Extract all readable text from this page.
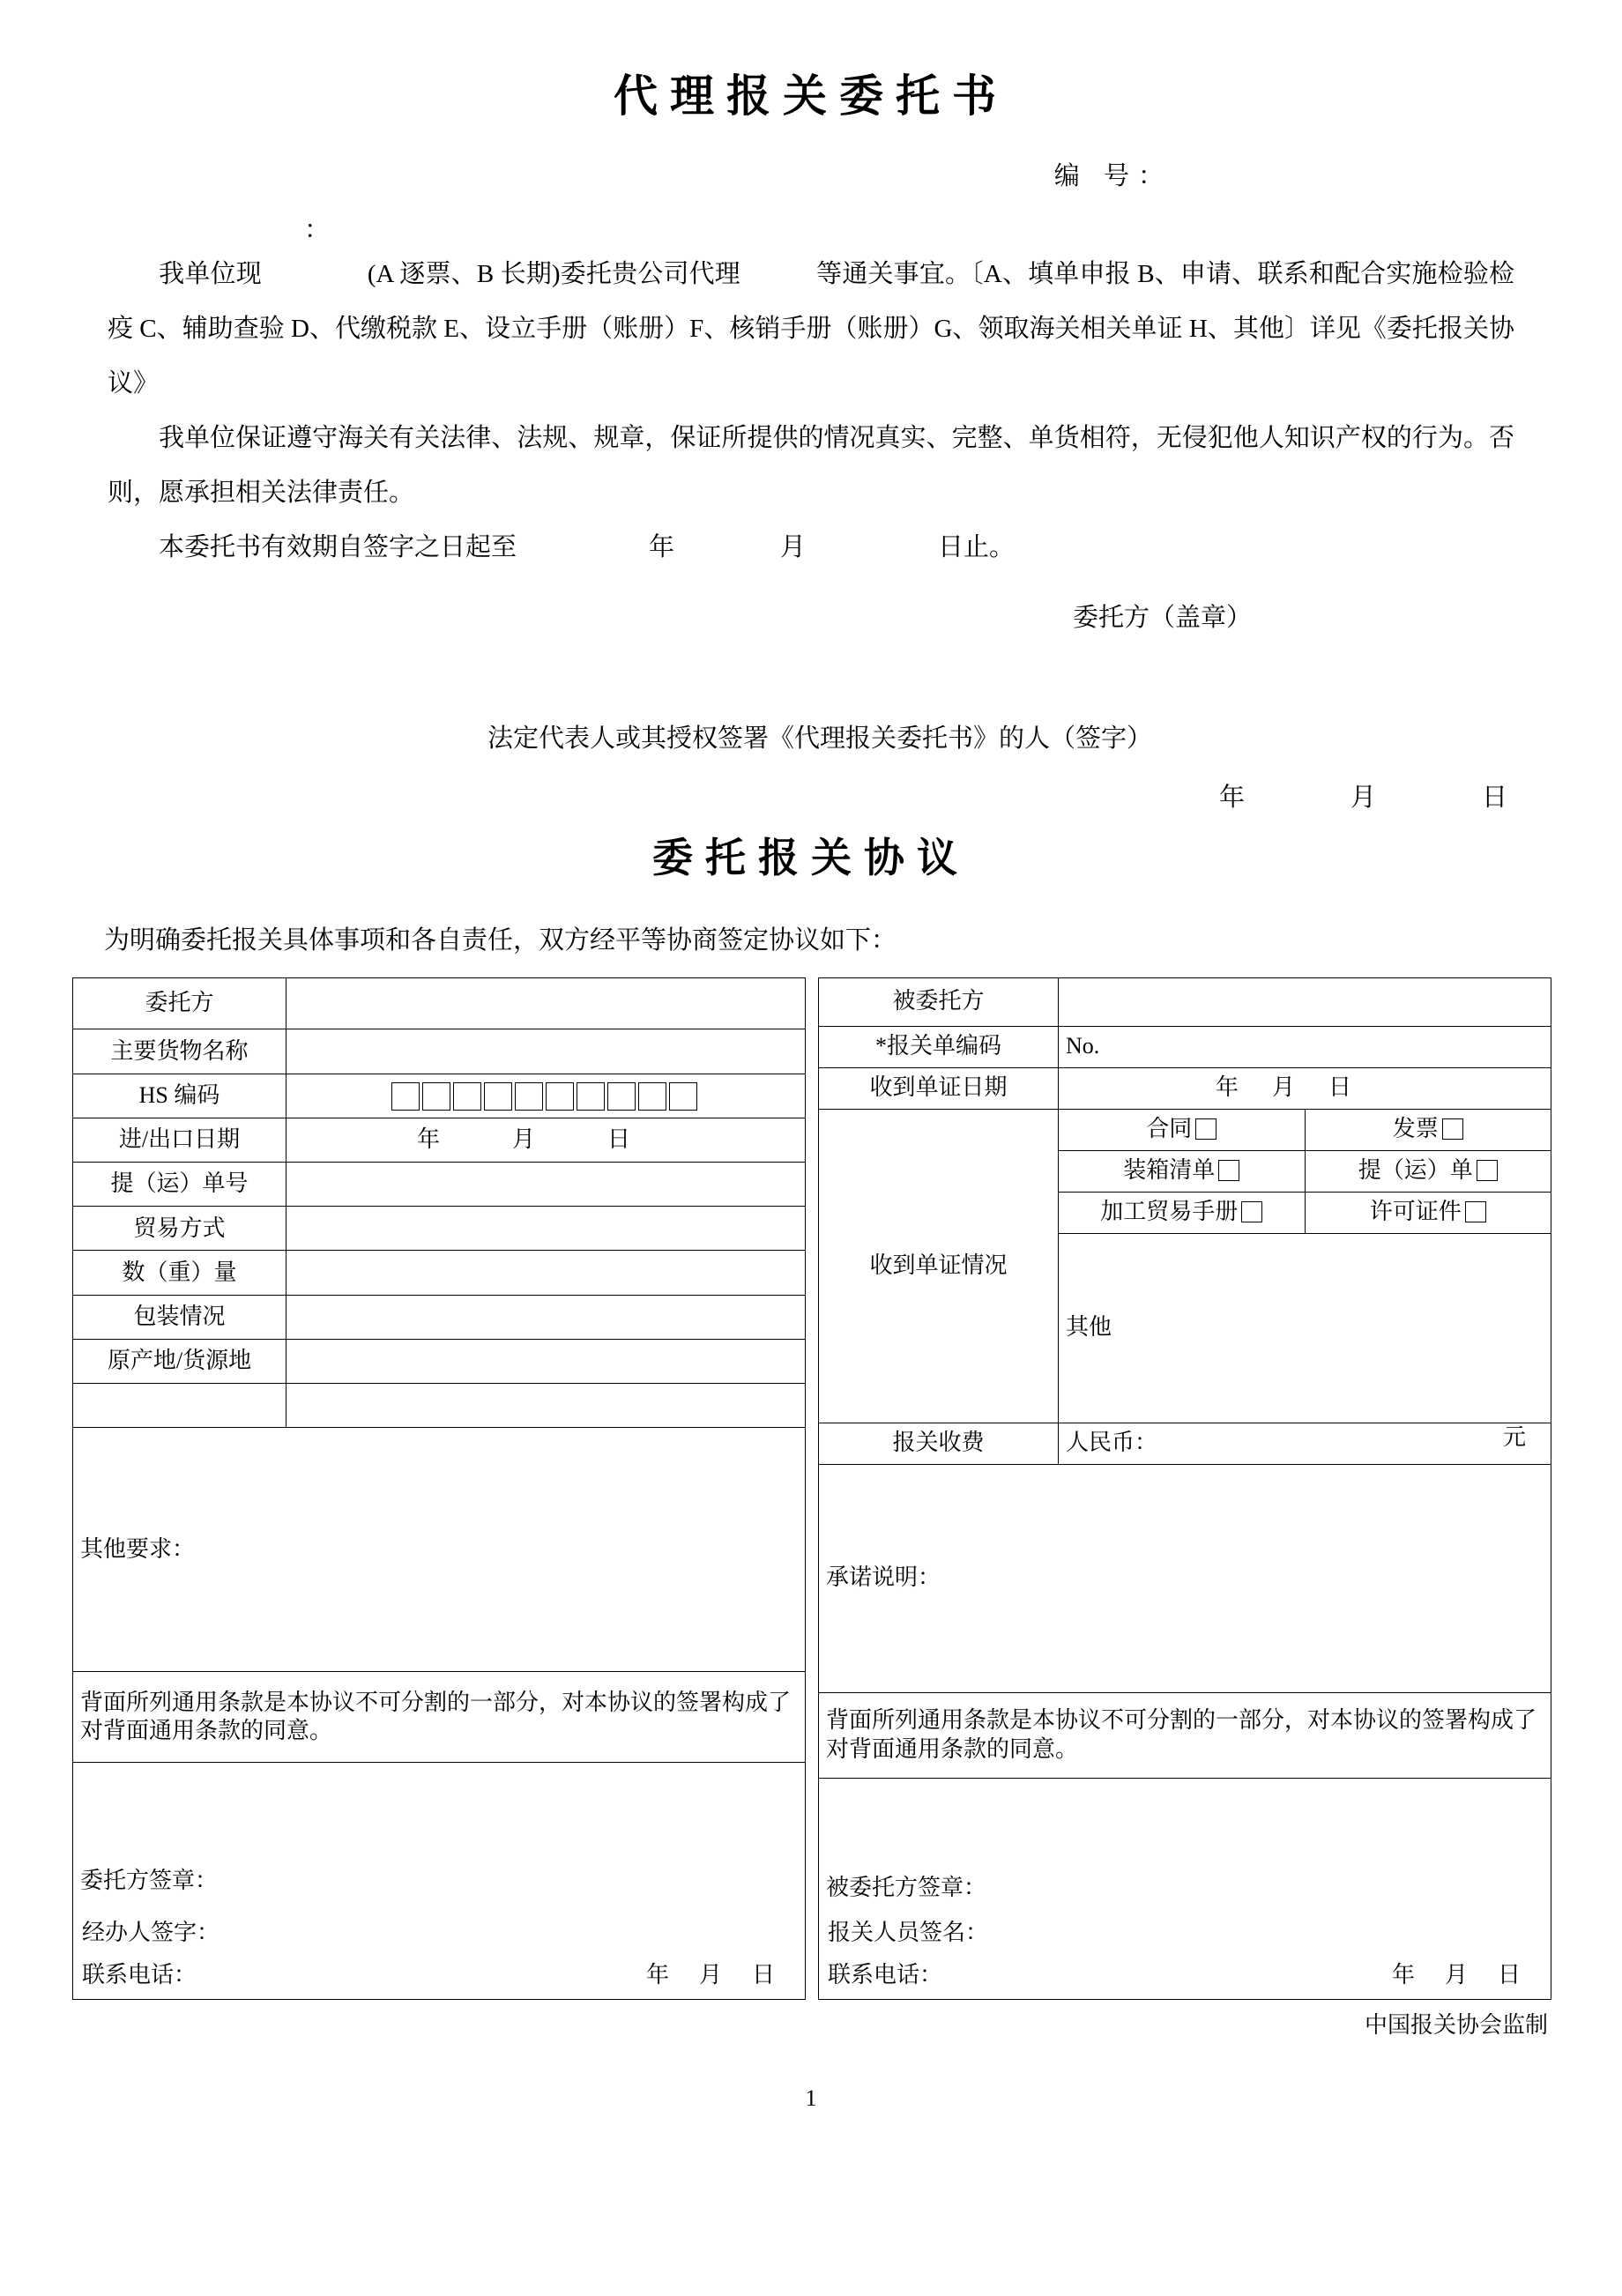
代理报关委托书
编 号：
：

我单位现	(A 逐票、B 长期)委托贵公司代理	等通关事宜。〔A、填单申报 B、申请、联系和配合实施检验检疫 C、辅助查验 D、代缴税款 E、设立手册（账册）F、核销手册（账册）G、领取海关相关单证 H、其他〕详见《委托报关协议》

我单位保证遵守海关有关法律、法规、规章，保证所提供的情况真实、完整、单货相符，无侵犯他人知识产权的行为。否则，愿承担相关法律责任。

本委托书有效期自签字之日起至	年	月	日止。

委托方（盖章）
法定代表人或其授权签署《代理报关委托书》的人（签字）
年	月	日
委托报关协议
为明确委托报关具体事项和各自责任，双方经平等协商签定协议如下：
委托方	
主要货物名称	
HS 编码	
进/出口日期	年 月 日
提（运）单号	
贸易方式	
数（重）量	
包装情况	
原产地/货源地	

其他要求：	
背面所列通用条款是本协议不可分割的一部分，对本协议的签署构成了对背面通用条款的同意。	
委托方签章：
经办人签字：
联系电话： 年 月 日	
被委托方		
*报关单编码	No.	
收到单证日期	年 月 日	
收到单证情况	合同	发票
	装箱清单	提（运）单
	加工贸易手册	许可证件
	其他	
报关收费	人民币： 元	

承诺说明：		
背面所列通用条款是本协议不可分割的一部分，对本协议的签署构成了对背面通用条款的同意。		
被委托方签章：
报关人员签名：
联系电话： 年 月 日		
中国报关协会监制
1
